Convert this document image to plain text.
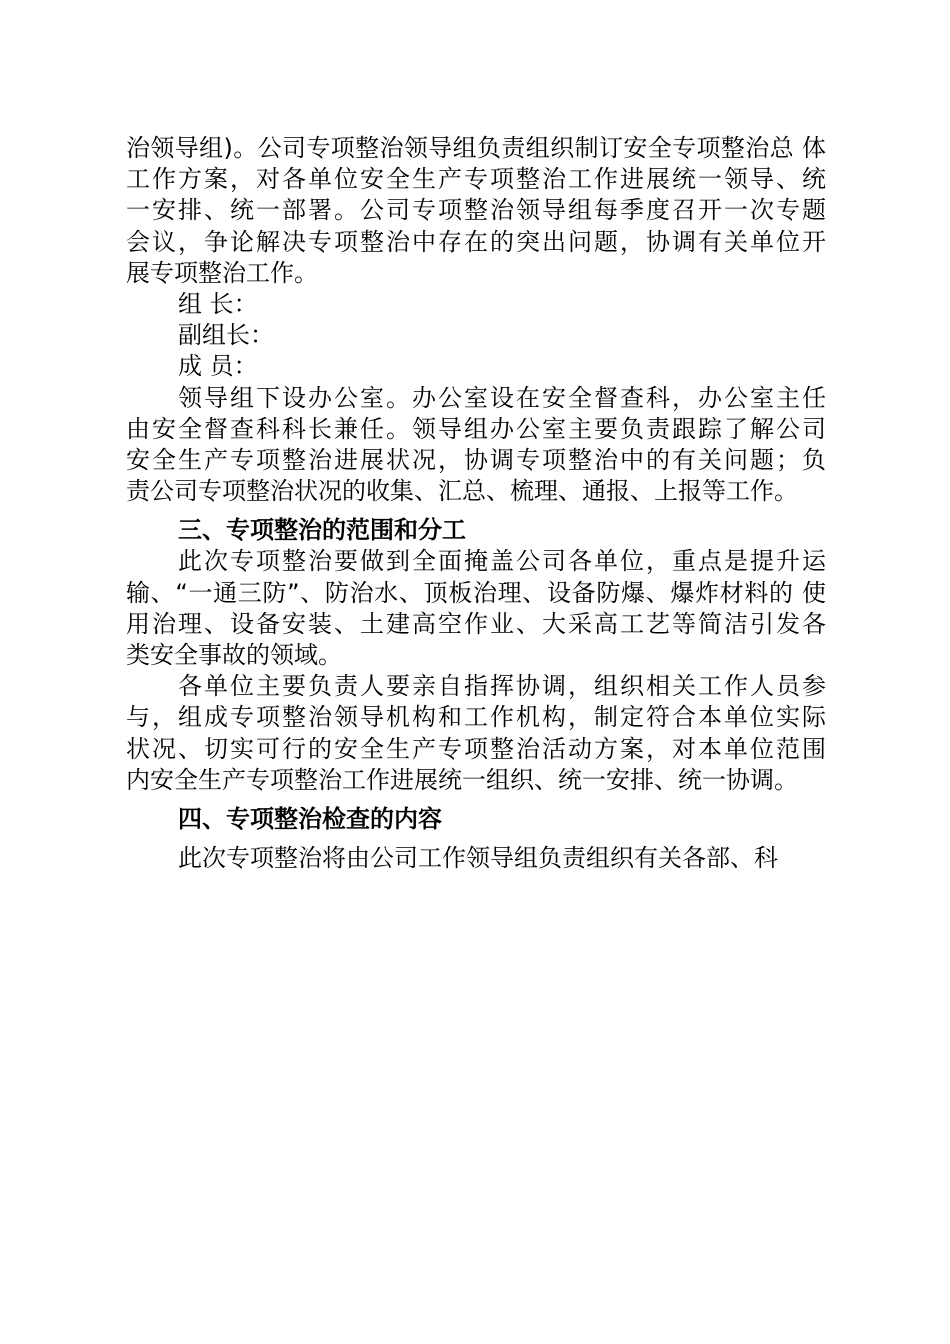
治领导组)。公司专项整治领导组负责组织制订安全专项整治总 体
工作方案，对各单位安全生产专项整治工作进展统一领导、统
一安排、统一部署。公司专项整治领导组每季度召开一次专题
会议，争论解决专项整治中存在的突出问题，协调有关单位开
展专项整治工作。
组 长：
副组长：
成 员：
领导组下设办公室。办公室设在安全督查科，办公室主任
由安全督查科科长兼任。领导组办公室主要负责跟踪了解公司
安全生产专项整治进展状况，协调专项整治中的有关问题；负
责公司专项整治状况的收集、汇总、梳理、通报、上报等工作。
三、专项整治的范围和分工
此次专项整治要做到全面掩盖公司各单位，重点是提升运
输、“一通三防”、防治水、顶板治理、设备防爆、爆炸材料的 使
用治理、设备安装、土建高空作业、大采高工艺等简洁引发各
类安全事故的领域。
各单位主要负责人要亲自指挥协调，组织相关工作人员参
与，组成专项整治领导机构和工作机构，制定符合本单位实际
状况、切实可行的安全生产专项整治活动方案，对本单位范围
内安全生产专项整治工作进展统一组织、统一安排、统一协调。
四、专项整治检查的内容
此次专项整治将由公司工作领导组负责组织有关各部、科
